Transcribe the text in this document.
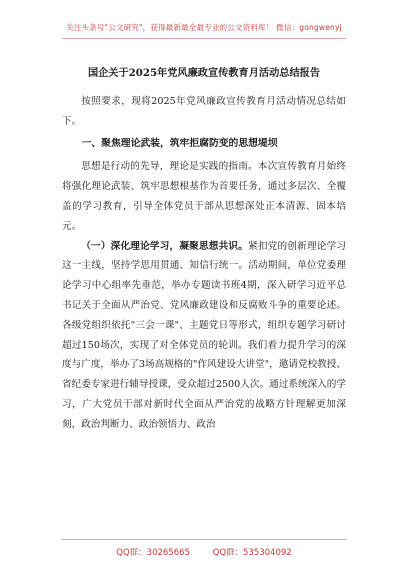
关注头条号"公文研究"，获得最新最全最专业的公文资料库！ 微信：gongwenyj
国企关于2025年党风廉政宣传教育月活动总结报告

按照要求，现将2025年党风廉政宣传教育月活动情况总结如下。

一、聚焦理论武装，筑牢拒腐防变的思想堤坝

思想是行动的先导，理论是实践的指南。本次宣传教育月始终将强化理论武装、筑牢思想根基作为首要任务，通过多层次、全覆盖的学习教育，引导全体党员干部从思想深处正本清源、固本培元。

（一）深化理论学习，凝聚思想共识。紧扣党的创新理论学习这一主线，坚持学思用贯通、知信行统一。活动期间，单位党委理论学习中心组率先垂范，举办专题读书班4期，深入研学习近平总书记关于全面从严治党、党风廉政建设和反腐败斗争的重要论述。各级党组织依托"三会一课"、主题党日等形式，组织专题学习研讨超过150场次，实现了对全体党员的轮训。我们着力提升学习的深度与广度，举办了3场高规格的"作风建设大讲堂"，邀请党校教授、省纪委专家进行辅导授课，受众超过2500人次。通过系统深入的学习，广大党员干部对新时代全面从严治党的战略方针理解更加深刻，政治判断力、政治领悟力、政治

QQ群：30265665	QQ群：535304092
